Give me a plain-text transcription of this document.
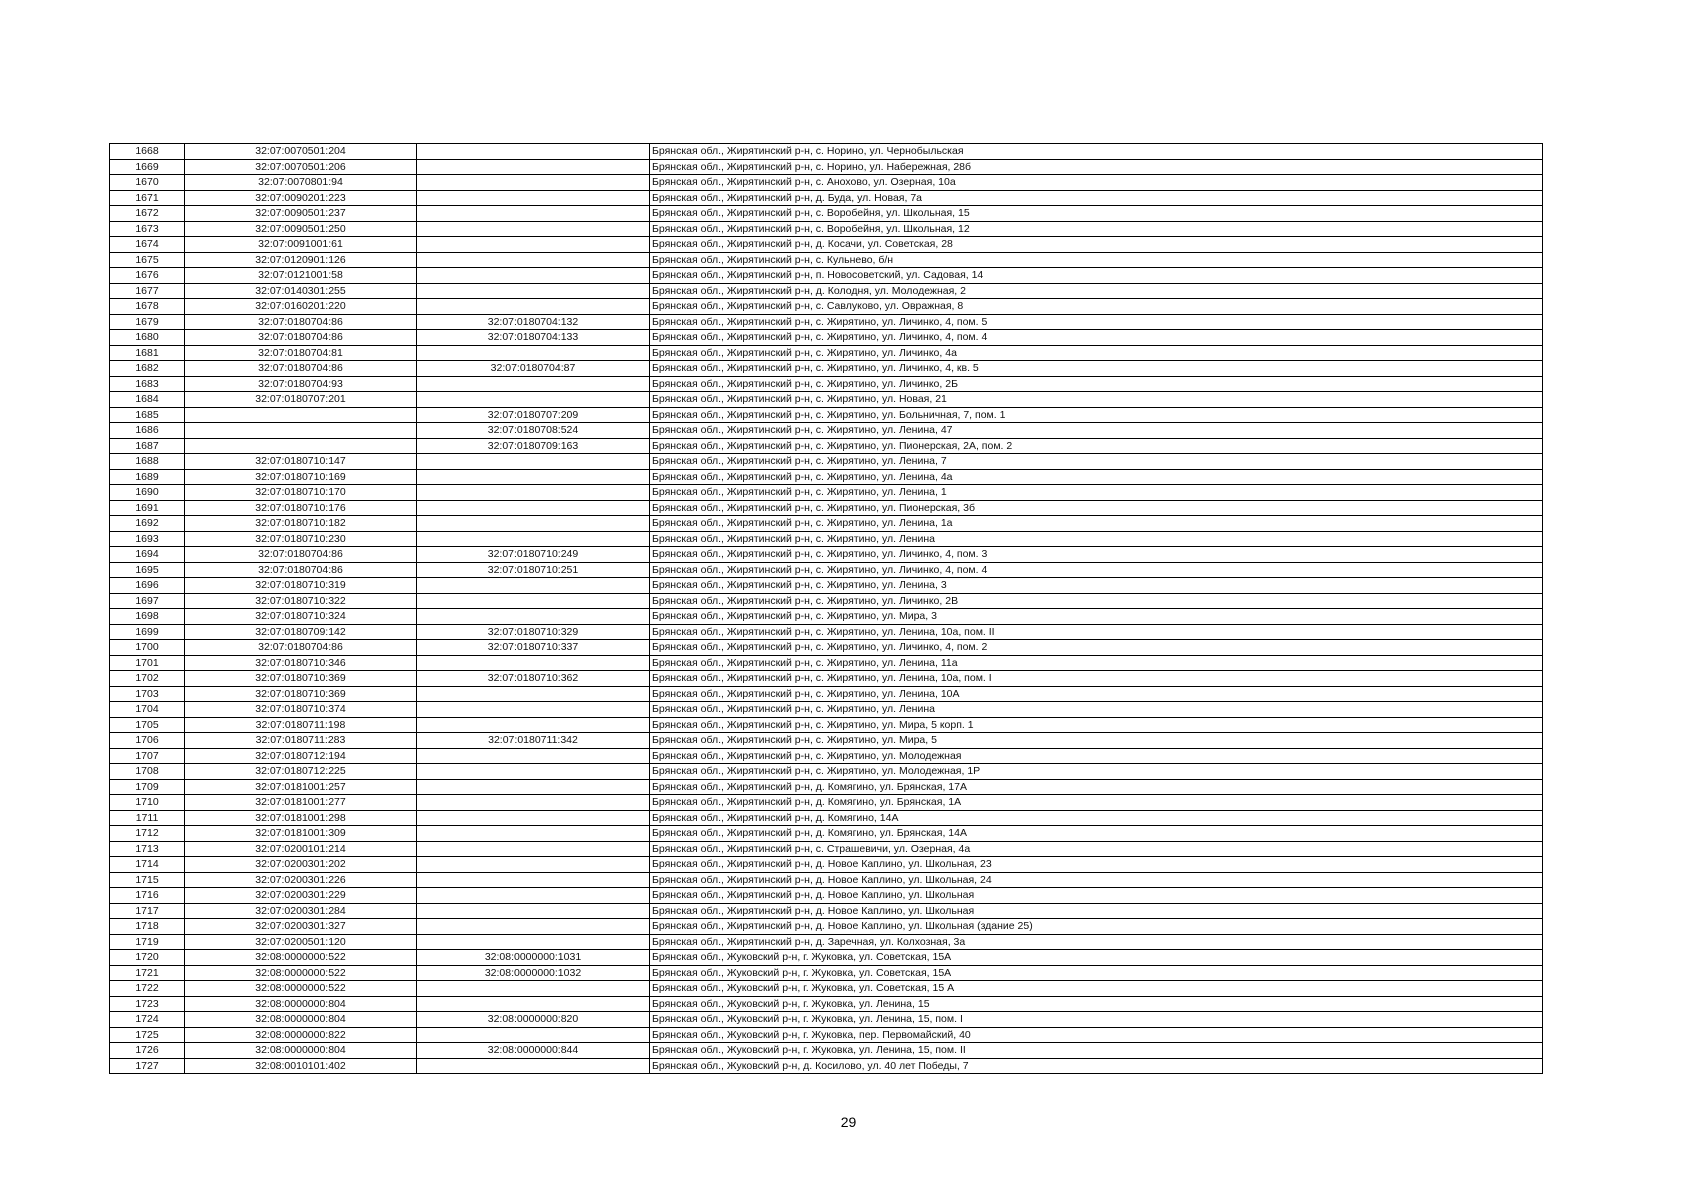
1668	32:07:0070501:204		Брянская обл., Жирятинский р-н, с. Норино, ул. Чернобыльская
1669	32:07:0070501:206		Брянская обл., Жирятинский р-н, с. Норино, ул. Набережная, 28б
1670	32:07:0070801:94		Брянская обл., Жирятинский р-н, с. Анохово, ул. Озерная, 10а
1671	32:07:0090201:223		Брянская обл., Жирятинский р-н, д. Буда, ул. Новая, 7а
1672	32:07:0090501:237		Брянская обл., Жирятинский р-н, с. Воробейня, ул. Школьная, 15
1673	32:07:0090501:250		Брянская обл., Жирятинский р-н, с. Воробейня, ул. Школьная, 12
1674	32:07:0091001:61		Брянская обл., Жирятинский р-н, д. Косачи, ул. Советская, 28
1675	32:07:0120901:126		Брянская обл., Жирятинский р-н, с. Кульнево, б/н
1676	32:07:0121001:58		Брянская обл., Жирятинский р-н, п. Новосоветский, ул. Садовая, 14
1677	32:07:0140301:255		Брянская обл., Жирятинский р-н, д. Колодня, ул. Молодежная, 2
1678	32:07:0160201:220		Брянская обл., Жирятинский р-н, с. Савлуково, ул. Овражная, 8
1679	32:07:0180704:86	32:07:0180704:132	Брянская обл., Жирятинский р-н, с. Жирятино, ул. Личинко, 4, пом. 5
1680	32:07:0180704:86	32:07:0180704:133	Брянская обл., Жирятинский р-н, с. Жирятино, ул. Личинко, 4, пом. 4
1681	32:07:0180704:81		Брянская обл., Жирятинский р-н, с. Жирятино, ул. Личинко, 4а
1682	32:07:0180704:86	32:07:0180704:87	Брянская обл., Жирятинский р-н, с. Жирятино, ул. Личинко, 4, кв. 5
1683	32:07:0180704:93		Брянская обл., Жирятинский р-н, с. Жирятино, ул. Личинко, 2Б
1684	32:07:0180707:201		Брянская обл., Жирятинский р-н, с. Жирятино, ул. Новая, 21
1685		32:07:0180707:209	Брянская обл., Жирятинский р-н, с. Жирятино, ул. Больничная, 7, пом. 1
1686		32:07:0180708:524	Брянская обл., Жирятинский р-н, с. Жирятино, ул. Ленина, 47
1687		32:07:0180709:163	Брянская обл., Жирятинский р-н, с. Жирятино, ул. Пионерская, 2А, пом. 2
1688	32:07:0180710:147		Брянская обл., Жирятинский р-н, с. Жирятино, ул. Ленина, 7
1689	32:07:0180710:169		Брянская обл., Жирятинский р-н, с. Жирятино, ул. Ленина, 4а
1690	32:07:0180710:170		Брянская обл., Жирятинский р-н, с. Жирятино, ул. Ленина, 1
1691	32:07:0180710:176		Брянская обл., Жирятинский р-н, с. Жирятино, ул. Пионерская, 3б
1692	32:07:0180710:182		Брянская обл., Жирятинский р-н, с. Жирятино, ул. Ленина, 1а
1693	32:07:0180710:230		Брянская обл., Жирятинский р-н, с. Жирятино, ул. Ленина
1694	32:07:0180704:86	32:07:0180710:249	Брянская обл., Жирятинский р-н, с. Жирятино, ул. Личинко, 4, пом. 3
1695	32:07:0180704:86	32:07:0180710:251	Брянская обл., Жирятинский р-н, с. Жирятино, ул. Личинко, 4, пом. 4
1696	32:07:0180710:319		Брянская обл., Жирятинский р-н, с. Жирятино, ул. Ленина, 3
1697	32:07:0180710:322		Брянская обл., Жирятинский р-н, с. Жирятино, ул. Личинко, 2В
1698	32:07:0180710:324		Брянская обл., Жирятинский р-н, с. Жирятино, ул. Мира, 3
1699	32:07:0180709:142	32:07:0180710:329	Брянская обл., Жирятинский р-н, с. Жирятино, ул. Ленина, 10а, пом. II
1700	32:07:0180704:86	32:07:0180710:337	Брянская обл., Жирятинский р-н, с. Жирятино, ул. Личинко, 4, пом. 2
1701	32:07:0180710:346		Брянская обл., Жирятинский р-н, с. Жирятино, ул. Ленина, 11а
1702	32:07:0180710:369	32:07:0180710:362	Брянская обл., Жирятинский р-н, с. Жирятино, ул. Ленина, 10а, пом. I
1703	32:07:0180710:369		Брянская обл., Жирятинский р-н, с. Жирятино, ул. Ленина, 10А
1704	32:07:0180710:374		Брянская обл., Жирятинский р-н, с. Жирятино, ул. Ленина
1705	32:07:0180711:198		Брянская обл., Жирятинский р-н, с. Жирятино, ул. Мира, 5 корп. 1
1706	32:07:0180711:283	32:07:0180711:342	Брянская обл., Жирятинский р-н, с. Жирятино, ул. Мира, 5
1707	32:07:0180712:194		Брянская обл., Жирятинский р-н, с. Жирятино, ул. Молодежная
1708	32:07:0180712:225		Брянская обл., Жирятинский р-н, с. Жирятино, ул. Молодежная, 1Р
1709	32:07:0181001:257		Брянская обл., Жирятинский р-н, д. Комягино, ул. Брянская, 17А
1710	32:07:0181001:277		Брянская обл., Жирятинский р-н, д. Комягино, ул. Брянская, 1А
1711	32:07:0181001:298		Брянская обл., Жирятинский р-н, д. Комягино, 14А
1712	32:07:0181001:309		Брянская обл., Жирятинский р-н, д. Комягино, ул. Брянская, 14А
1713	32:07:0200101:214		Брянская обл., Жирятинский р-н, с. Страшевичи, ул. Озерная, 4а
1714	32:07:0200301:202		Брянская обл., Жирятинский р-н, д. Новое Каплино, ул. Школьная, 23
1715	32:07:0200301:226		Брянская обл., Жирятинский р-н, д. Новое Каплино, ул. Школьная, 24
1716	32:07:0200301:229		Брянская обл., Жирятинский р-н, д. Новое Каплино, ул. Школьная
1717	32:07:0200301:284		Брянская обл., Жирятинский р-н, д. Новое Каплино, ул. Школьная
1718	32:07:0200301:327		Брянская обл., Жирятинский р-н, д. Новое Каплино, ул. Школьная (здание 25)
1719	32:07:0200501:120		Брянская обл., Жирятинский р-н, д. Заречная, ул. Колхозная, 3а
1720	32:08:0000000:522	32:08:0000000:1031	Брянская обл., Жуковский р-н, г. Жуковка, ул. Советская, 15А
1721	32:08:0000000:522	32:08:0000000:1032	Брянская обл., Жуковский р-н, г. Жуковка, ул. Советская, 15А
1722	32:08:0000000:522		Брянская обл., Жуковский р-н, г. Жуковка, ул. Советская, 15 А
1723	32:08:0000000:804		Брянская обл., Жуковский р-н, г. Жуковка, ул. Ленина, 15
1724	32:08:0000000:804	32:08:0000000:820	Брянская обл., Жуковский р-н, г. Жуковка, ул. Ленина, 15, пом. I
1725	32:08:0000000:822		Брянская обл., Жуковский р-н, г. Жуковка, пер. Первомайский, 40
1726	32:08:0000000:804	32:08:0000000:844	Брянская обл., Жуковский р-н, г. Жуковка, ул. Ленина, 15, пом. II
1727	32:08:0010101:402		Брянская обл., Жуковский р-н, д. Косилово, ул. 40 лет Победы, 7
29
